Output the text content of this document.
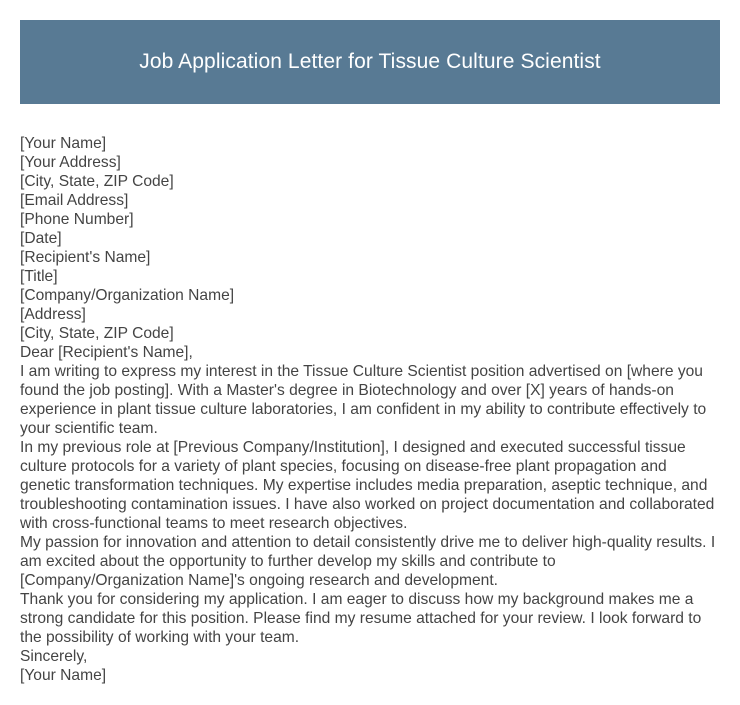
Job Application Letter for Tissue Culture Scientist

[Your Name]

[Your Address]

[City, State, ZIP Code]

[Email Address]

[Phone Number]

[Date]

[Recipient's Name]

[Title]

[Company/Organization Name]

[Address]

[City, State, ZIP Code]

Dear [Recipient's Name],

I am writing to express my interest in the Tissue Culture Scientist position advertised on [where you found the job posting]. With a Master's degree in Biotechnology and over [X] years of hands-on experience in plant tissue culture laboratories, I am confident in my ability to contribute effectively to your scientific team.

In my previous role at [Previous Company/Institution], I designed and executed successful tissue culture protocols for a variety of plant species, focusing on disease-free plant propagation and genetic transformation techniques. My expertise includes media preparation, aseptic technique, and troubleshooting contamination issues. I have also worked on project documentation and collaborated with cross-functional teams to meet research objectives.

My passion for innovation and attention to detail consistently drive me to deliver high-quality results. I am excited about the opportunity to further develop my skills and contribute to [Company/Organization Name]'s ongoing research and development.

Thank you for considering my application. I am eager to discuss how my background makes me a strong candidate for this position. Please find my resume attached for your review. I look forward to the possibility of working with your team.

Sincerely,

[Your Name]
